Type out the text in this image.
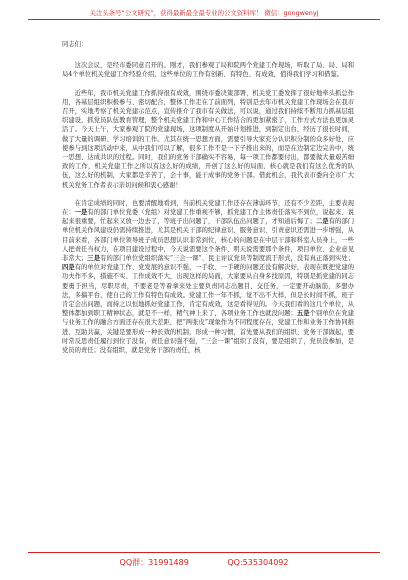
关注头条号“公文研究”，获得最新最全最专业的公文资料库！ 微信：gongwenyj

同志们：

这次会议，是经市委同意召开的。刚才，我们参观了局和院两个党建工作现场，听取了局、局、局和局4个单位机关党建工作经验介绍，这些单位的工作有创新、有特色、有成效，值得我们学习和借鉴。

近些年，我市机关党建工作抓得很有成效，围绕市委决策部署，机关党工委发挥了很好地牵头抓总作用，各基层组织积极参与、密切配合，整体工作走在了前面列，特别是去年市机关党建工作现场会在我市召开，实地考察了机关党建示范点，宣传推介了我市有关做法，可以说，通过我们持续不断用力抓基层组织建设，抓党员队伍教育管理，整个机关党建工作和中心工作结合的更加紧密了，工作方式方法也更加灵活了。今天上午，大家参观了院的党建现场，这项制度从开始计划推进，到制定出台，经历了很长时间，做了大量的调研、学习培训的工作。尤其在统一思想方面，需要引导大家充分认识积分制的众多好处，应使参与到这项活动中来，从中我们可以了解，很多工作不是一下子推出来的，而是在边制定边完善中，统一思想、达成共识的过程。同时，我们的党务干部确实不容易，每一项工作都要付出，都要做大量艰苦细致的工作，机关党建工作之所以有这么好的成绩，开创了这么好的局面，核心就是我们有这么优秀的队伍，这么好的机制，大家都是辛苦了，会十事，能干成事的党务干部。借此机会，我代表市委向全市广大机关党务工作者表示亲切问候和衷心感谢！

在肯定成绩的同时，也要清醒地看到，当前机关党建工作还存在薄弱环节，还有不少差距，主要表现在：一是有的部门单位党委（党组）对党建工作重视不够，抓党建工作主体责任落实不到位，说起来、说起来很重要，忙起来又放一边去了，等班子出问题了，干部队伍出问题了，才知道后悔了；二是有的部门单位机关作风建设仍需持续推进，尤其是机关干部的纪律意识、服务意识、引责意识还需进一步增强，从目前来看，各部门单位领导班子成员思想认识非常到位，核心的问题是在中层干部和科室人员身上，一些人把责任当权力，在项目建设过程中，今天说需要这个条件、明天说需要那个条件，项目单位、企业意见非常大；三是有的部门单位党组织落实“三会一课”、民主评议党员等制度流于形式，没有真正落到实处；四是有的单位对党建工作、党发展的意识不强，一手软、一手硬的问题还没有解决好，表现在既把党建的功夫作不多，措施不实、工作成效不大，出现这样的局面，大家要从自身多找原因，特别是抓党建的同志要勇于担当，尽职尽责，不要老是等着拿来处主要负责同志出题目、交任务，一定要开动脑筋，多想办法，多搞平台，使自己的工作有特色有成效。党建工作一年不抓，觉不出不大样，但是长时间不抓，班子肯定会出问题，而持之以恒地抓好党建工作，肯定有成效，这是看得见的。今天我们看的这几个单位，从整体都加到职工精神状态，就是不一样，精气神上来了，各项业务工作也就没问题；五是个别单位在党建与业务工作的融合方面还存在很大差距，把“两张皮”现象作为不同程度存在，党建工作和业务工作协同推进、互助共赢，关键是要形成一种长效的机制，形成一种习惯，首先要从我们的组织、党务干部做起，要时常反思责任履行到位了没有，责任意识强不强，“三会一课”组织了没有，要是组织了，党员没参加，是党员的责任；没有组织，就是党务干部的责任，核

QQ群：31991489	QQ:535304092
